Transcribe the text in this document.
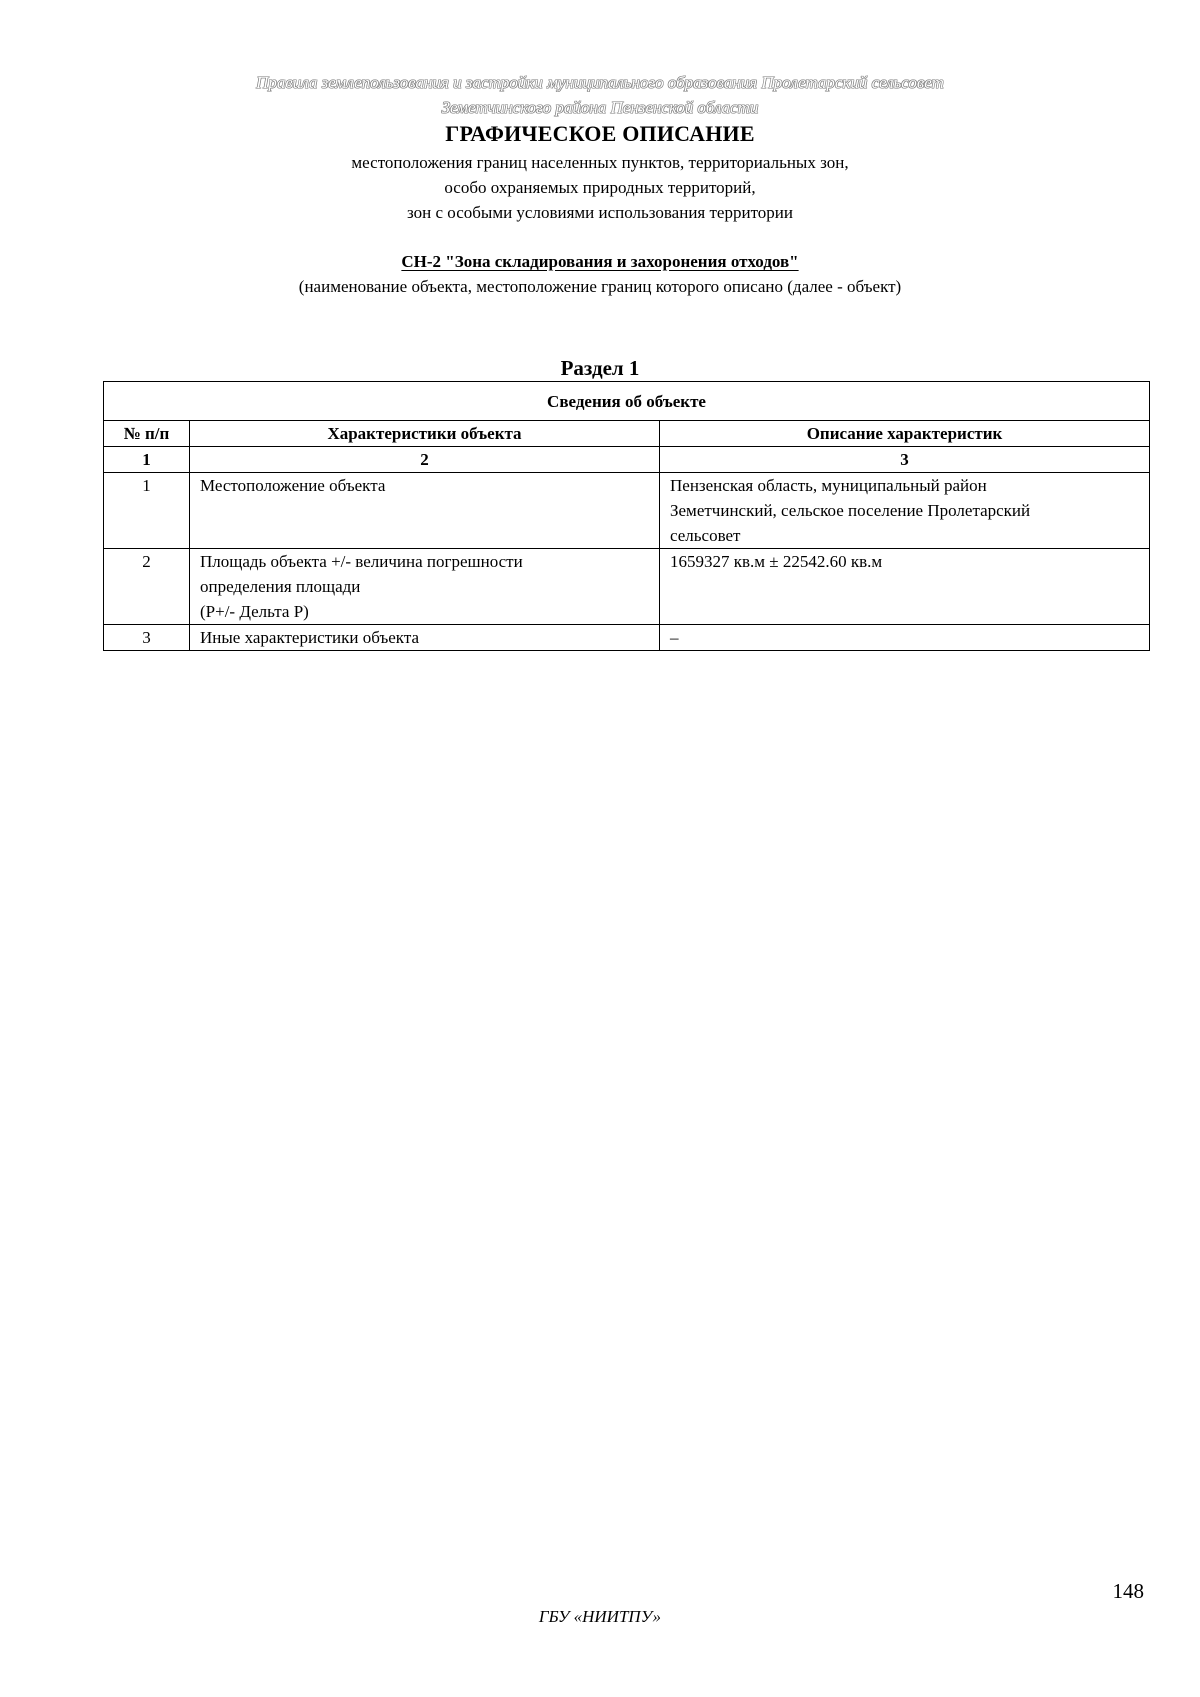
Правила землепользования и застройки муниципального образования Пролетарский сельсовет
Земетчинского района Пензенской области
ГРАФИЧЕСКОЕ ОПИСАНИЕ
местоположения границ населенных пунктов, территориальных зон,
особо охраняемых природных территорий,
зон с особыми условиями использования территории
СН-2 "Зона складирования и захоронения отходов"
(наименование объекта, местоположение границ которого описано (далее - объект)
Раздел 1
Сведения об объекте		
№ п/п	Характеристики объекта	Описание характеристик
1	2	3
1	Местоположение объекта	Пензенская область, муниципальный район
Земетчинский, сельское поселение Пролетарский
сельсовет

2	Площадь объекта +/- величина погрешности
определения площади
(Р+/- Дельта Р)	1659327 кв.м ± 22542.60 кв.м

3	Иные характеристики объекта	–
148
ГБУ «НИИТПУ»
